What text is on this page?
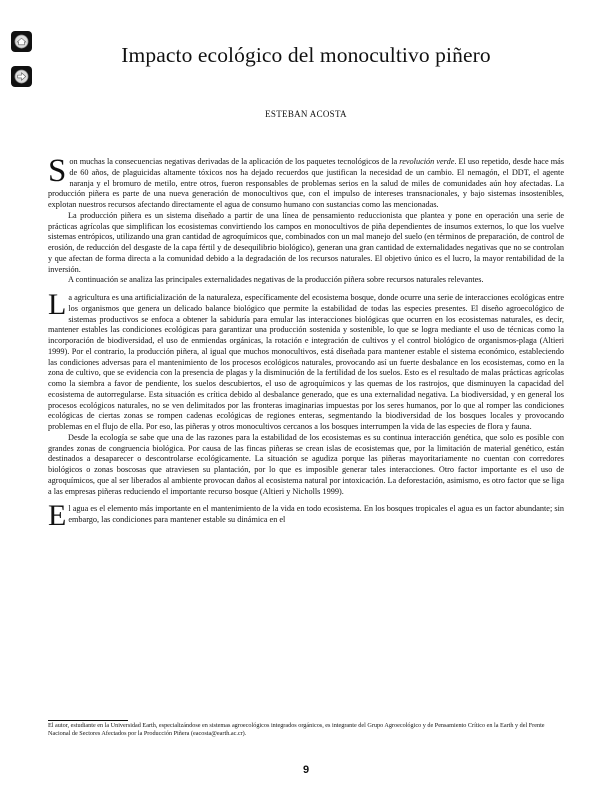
Impacto ecológico del monocultivo piñero
ESTEBAN ACOSTA

Son muchas la consecuencias negativas derivadas de la aplicación de los paquetes tecnológicos de la revolución verde. El uso repetido, desde hace más de 60 años, de plaguicidas altamente tóxicos nos ha dejado recuerdos que justifican la necesidad de un cambio. El nemagón, el DDT, el agente naranja y el bromuro de metilo, entre otros, fueron responsables de problemas serios en la salud de miles de comunidades aún hoy afectadas. La producción piñera es parte de una nueva generación de monocultivos que, con el impulso de intereses transnacionales, y bajo sistemas insostenibles, explotan nuestros recursos afectando directamente el agua de consumo humano con sustancias como las mencionadas.

La producción piñera es un sistema diseñado a partir de una línea de pensamiento reduccionista que plantea y pone en operación una serie de prácticas agrícolas que simplifican los ecosistemas convirtiendo los campos en monocultivos de piña dependientes de insumos externos, lo que los vuelve sistemas entrópicos, utilizando una gran cantidad de agroquímicos que, combinados con un mal manejo del suelo (en términos de preparación, de control de erosión, de reducción del desgaste de la capa fértil y de desequilibrio biológico), generan una gran cantidad de externalidades negativas que no se controlan y que afectan de forma directa a la comunidad debido a la degradación de los recursos naturales. El objetivo único es el lucro, la mayor rentabilidad de la inversión.

A continuación se analiza las principales externalidades negativas de la producción piñera sobre recursos naturales relevantes.

La agricultura es una artificialización de la naturaleza, específicamente del ecosistema bosque, donde ocurre una serie de interacciones ecológicas entre los organismos que genera un delicado balance biológico que permite la estabilidad de todas las especies presentes. El diseño agroecológico de sistemas productivos se enfoca a obtener la sabiduría para emular las interacciones biológicas que ocurren en los ecosistemas naturales, es decir, mantener estables las condiciones ecológicas para garantizar una producción sostenida y sostenible, lo que se logra mediante el uso de técnicas como la incorporación de biodiversidad, el uso de enmiendas orgánicas, la rotación e integración de cultivos y el control biológico de organismos-plaga (Altieri 1999). Por el contrario, la producción piñera, al igual que muchos monocultivos, está diseñada para mantener estable el sistema económico, estableciendo las condiciones adversas para el mantenimiento de los procesos ecológicos naturales, provocando así un fuerte desbalance en los ecosistemas, como en la zona de cultivo, que se evidencia con la presencia de plagas y la disminución de la fertilidad de los suelos. Esto es el resultado de malas prácticas agrícolas como la siembra a favor de pendiente, los suelos descubiertos, el uso de agroquímicos y las quemas de los rastrojos, que disminuyen la capacidad del ecosistema de autorregularse. Esta situación es crítica debido al desbalance generado, que es una externalidad negativa. La biodiversidad, y en general los procesos ecológicos naturales, no se ven delimitados por las fronteras imaginarias impuestas por los seres humanos, por lo que al romper las condiciones ecológicas de ciertas zonas se rompen cadenas ecológicas de regiones enteras, segmentando la biodiversidad de los bosques locales y provocando problemas en el flujo de ella. Por eso, las piñeras y otros monocultivos cercanos a los bosques interrumpen la vida de las especies de flora y fauna.

Desde la ecología se sabe que una de las razones para la estabilidad de los ecosistemas es su continua interacción genética, que solo es posible con grandes zonas de congruencia biológica. Por causa de las fincas piñeras se crean islas de ecosistemas que, por la limitación de material genético, están destinados a desaparecer o descontrolarse ecológicamente. La situación se agudiza porque las piñeras mayoritariamente no cuentan con corredores biológicos o zonas boscosas que atraviesen su plantación, por lo que es imposible generar tales interacciones. Otro factor importante es el uso de agroquímicos, que al ser liberados al ambiente provocan daños al ecosistema natural por intoxicación. La deforestación, asimismo, es otro factor que se liga a las empresas piñeras reduciendo el importante recurso bosque (Altieri y Nicholls 1999).

El agua es el elemento más importante en el mantenimiento de la vida en todo ecosistema. En los bosques tropicales el agua es un factor abundante; sin embargo, las condiciones para mantener estable su dinámica en el

El autor, estudiante en la Universidad Earth, especializándose en sistemas agroecológicos integrados orgánicos, es integrante del Grupo Agroecológico y de Pensamiento Crítico en la Earth y del Frente Nacional de Sectores Afectados por la Producción Piñera (eacosta@earth.ac.cr).
9
